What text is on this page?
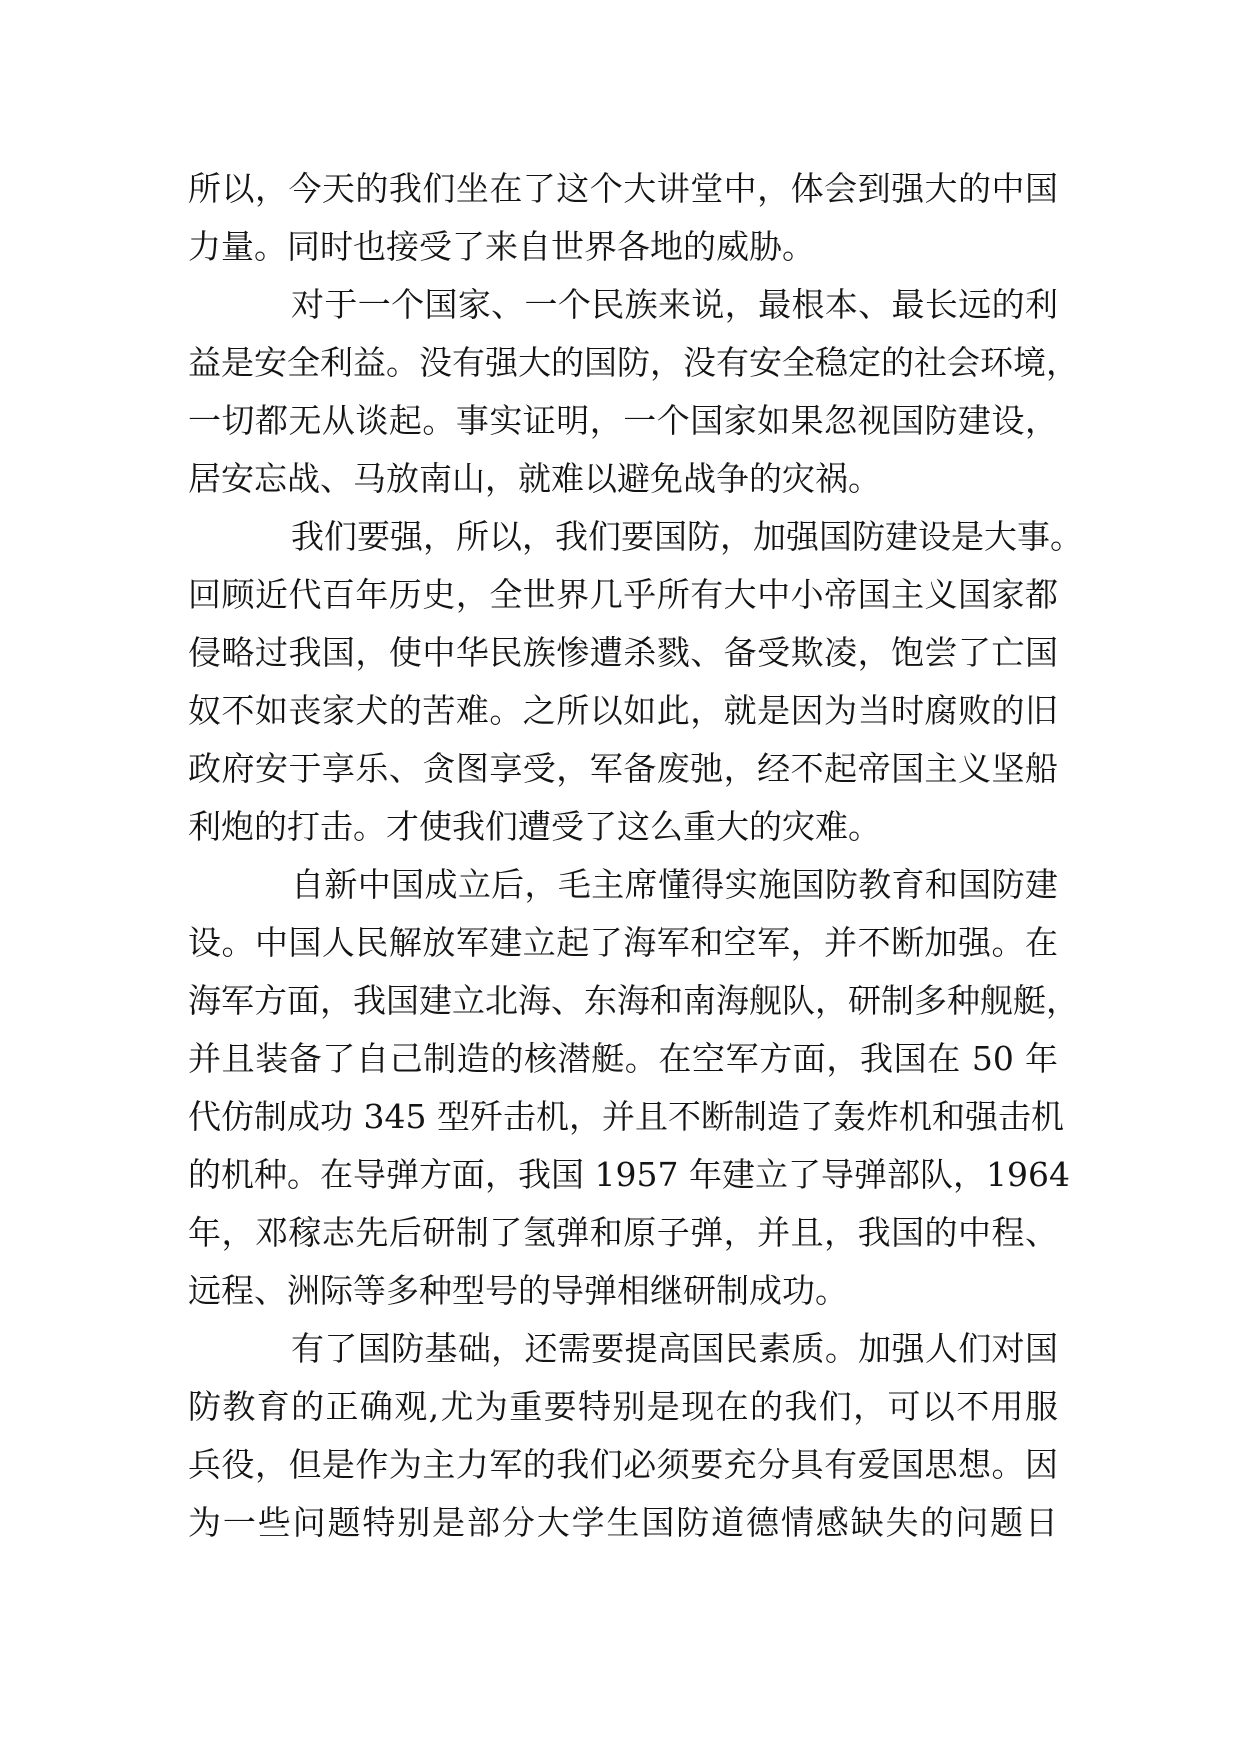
所以，今天的我们坐在了这个大讲堂中，体会到强大的中国
力量。同时也接受了来自世界各地的威胁。
对于一个国家、一个民族来说，最根本、最长远的利
益是安全利益。没有强大的国防，没有安全稳定的社会环境，
一切都无从谈起。事实证明，一个国家如果忽视国防建设，
居安忘战、马放南山，就难以避免战争的灾祸。
我们要强，所以，我们要国防，加强国防建设是大事。
回顾近代百年历史，全世界几乎所有大中小帝国主义国家都
侵略过我国，使中华民族惨遭杀戮、备受欺凌，饱尝了亡国
奴不如丧家犬的苦难。之所以如此，就是因为当时腐败的旧
政府安于享乐、贪图享受，军备废弛，经不起帝国主义坚船
利炮的打击。才使我们遭受了这么重大的灾难。
自新中国成立后，毛主席懂得实施国防教育和国防建
设。中国人民解放军建立起了海军和空军，并不断加强。在
海军方面，我国建立北海、东海和南海舰队，研制多种舰艇，
并且装备了自己制造的核潜艇。在空军方面，我国在 50 年
代仿制成功 345 型歼击机，并且不断制造了轰炸机和强击机
的机种。在导弹方面，我国 1957 年建立了导弹部队，1964
年，邓稼志先后研制了氢弹和原子弹，并且，我国的中程、
远程、洲际等多种型号的导弹相继研制成功。
有了国防基础，还需要提高国民素质。加强人们对国
防教育的正确观,尤为重要特别是现在的我们，可以不用服
兵役，但是作为主力军的我们必须要充分具有爱国思想。因
为一些问题特别是部分大学生国防道德情感缺失的问题日
